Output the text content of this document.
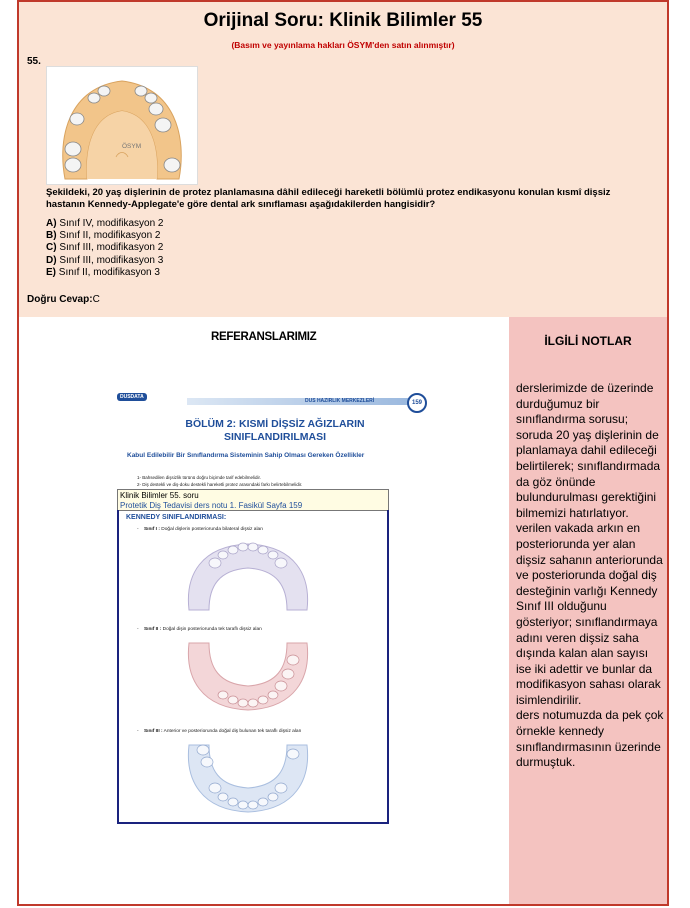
Orijinal Soru: Klinik Bilimler 55
(Basım ve yayınlama hakları ÖSYM'den satın alınmıştır)
55.
ÖSYM
Şekildeki, 20 yaş dişlerinin de protez planlamasına dâhil edileceği hareketli bölümlü protez endikasyonu konulan kısmî dişsiz hastanın Kennedy-Applegate'e göre dental ark sınıflaması aşağıdakilerden hangisidir?
A) Sınıf IV, modifikasyon 2
B) Sınıf II, modifikasyon 2
C) Sınıf III, modifikasyon 2
D) Sınıf III, modifikasyon 3
E) Sınıf II, modifikasyon 3
Doğru Cevap:C
REFERANSLARIMIZ
DUSDATA
DUS HAZIRLIK MERKEZLERİ	159
BÖLÜM 2: KISMİ DİŞSİZ AĞIZLARIN
SINIFLANDIRILMASI
Kabul Edilebilir Bir Sınıflandırma Sisteminin Sahip Olması Gereken Özellikler
1- Bahsedilen dişsizlik türünü doğru biçimde tarif edebilmelidir.
2- Diş destekli ve diş-doku destekli hareketli protez arasındaki farkı belirtebilmelidir.
Klinik Bilimler 55. soru
Protetik Diş Tedavisi ders notu 1. Fasikül Sayfa 159
KENNEDY SINIFLANDIRMASI:
-    Sınıf I : Doğal dişlerin posteriorunda bilateral dişsiz alan
-    Sınıf II : Doğal dişin posteriorunda tek taraflı dişsiz alan
-    Sınıf III : Anterior ve posteriorunda doğal diş bulunan tek taraflı dişsiz alan
İLGİLİ NOTLAR
derslerimizde de üzerinde durduğumuz bir sınıflandırma sorusu; soruda 20 yaş dişlerinin de planlamaya dahil edileceği belirtilerek; sınıflandırmada da göz önünde bulundurulması gerektiğini bilmemizi hatırlatıyor.
verilen vakada arkın en posteriorunda yer alan dişsiz sahanın anteriorunda ve posteriorunda doğal diş desteğinin varlığı Kennedy Sınıf III olduğunu gösteriyor; sınıflandırmaya adını veren dişsiz saha dışında kalan alan sayısı ise iki adettir ve bunlar da modifikasyon sahası olarak isimlendirilir.
ders notumuzda da pek çok örnekle kennedy sınıflandırmasının üzerinde durmuştuk.
